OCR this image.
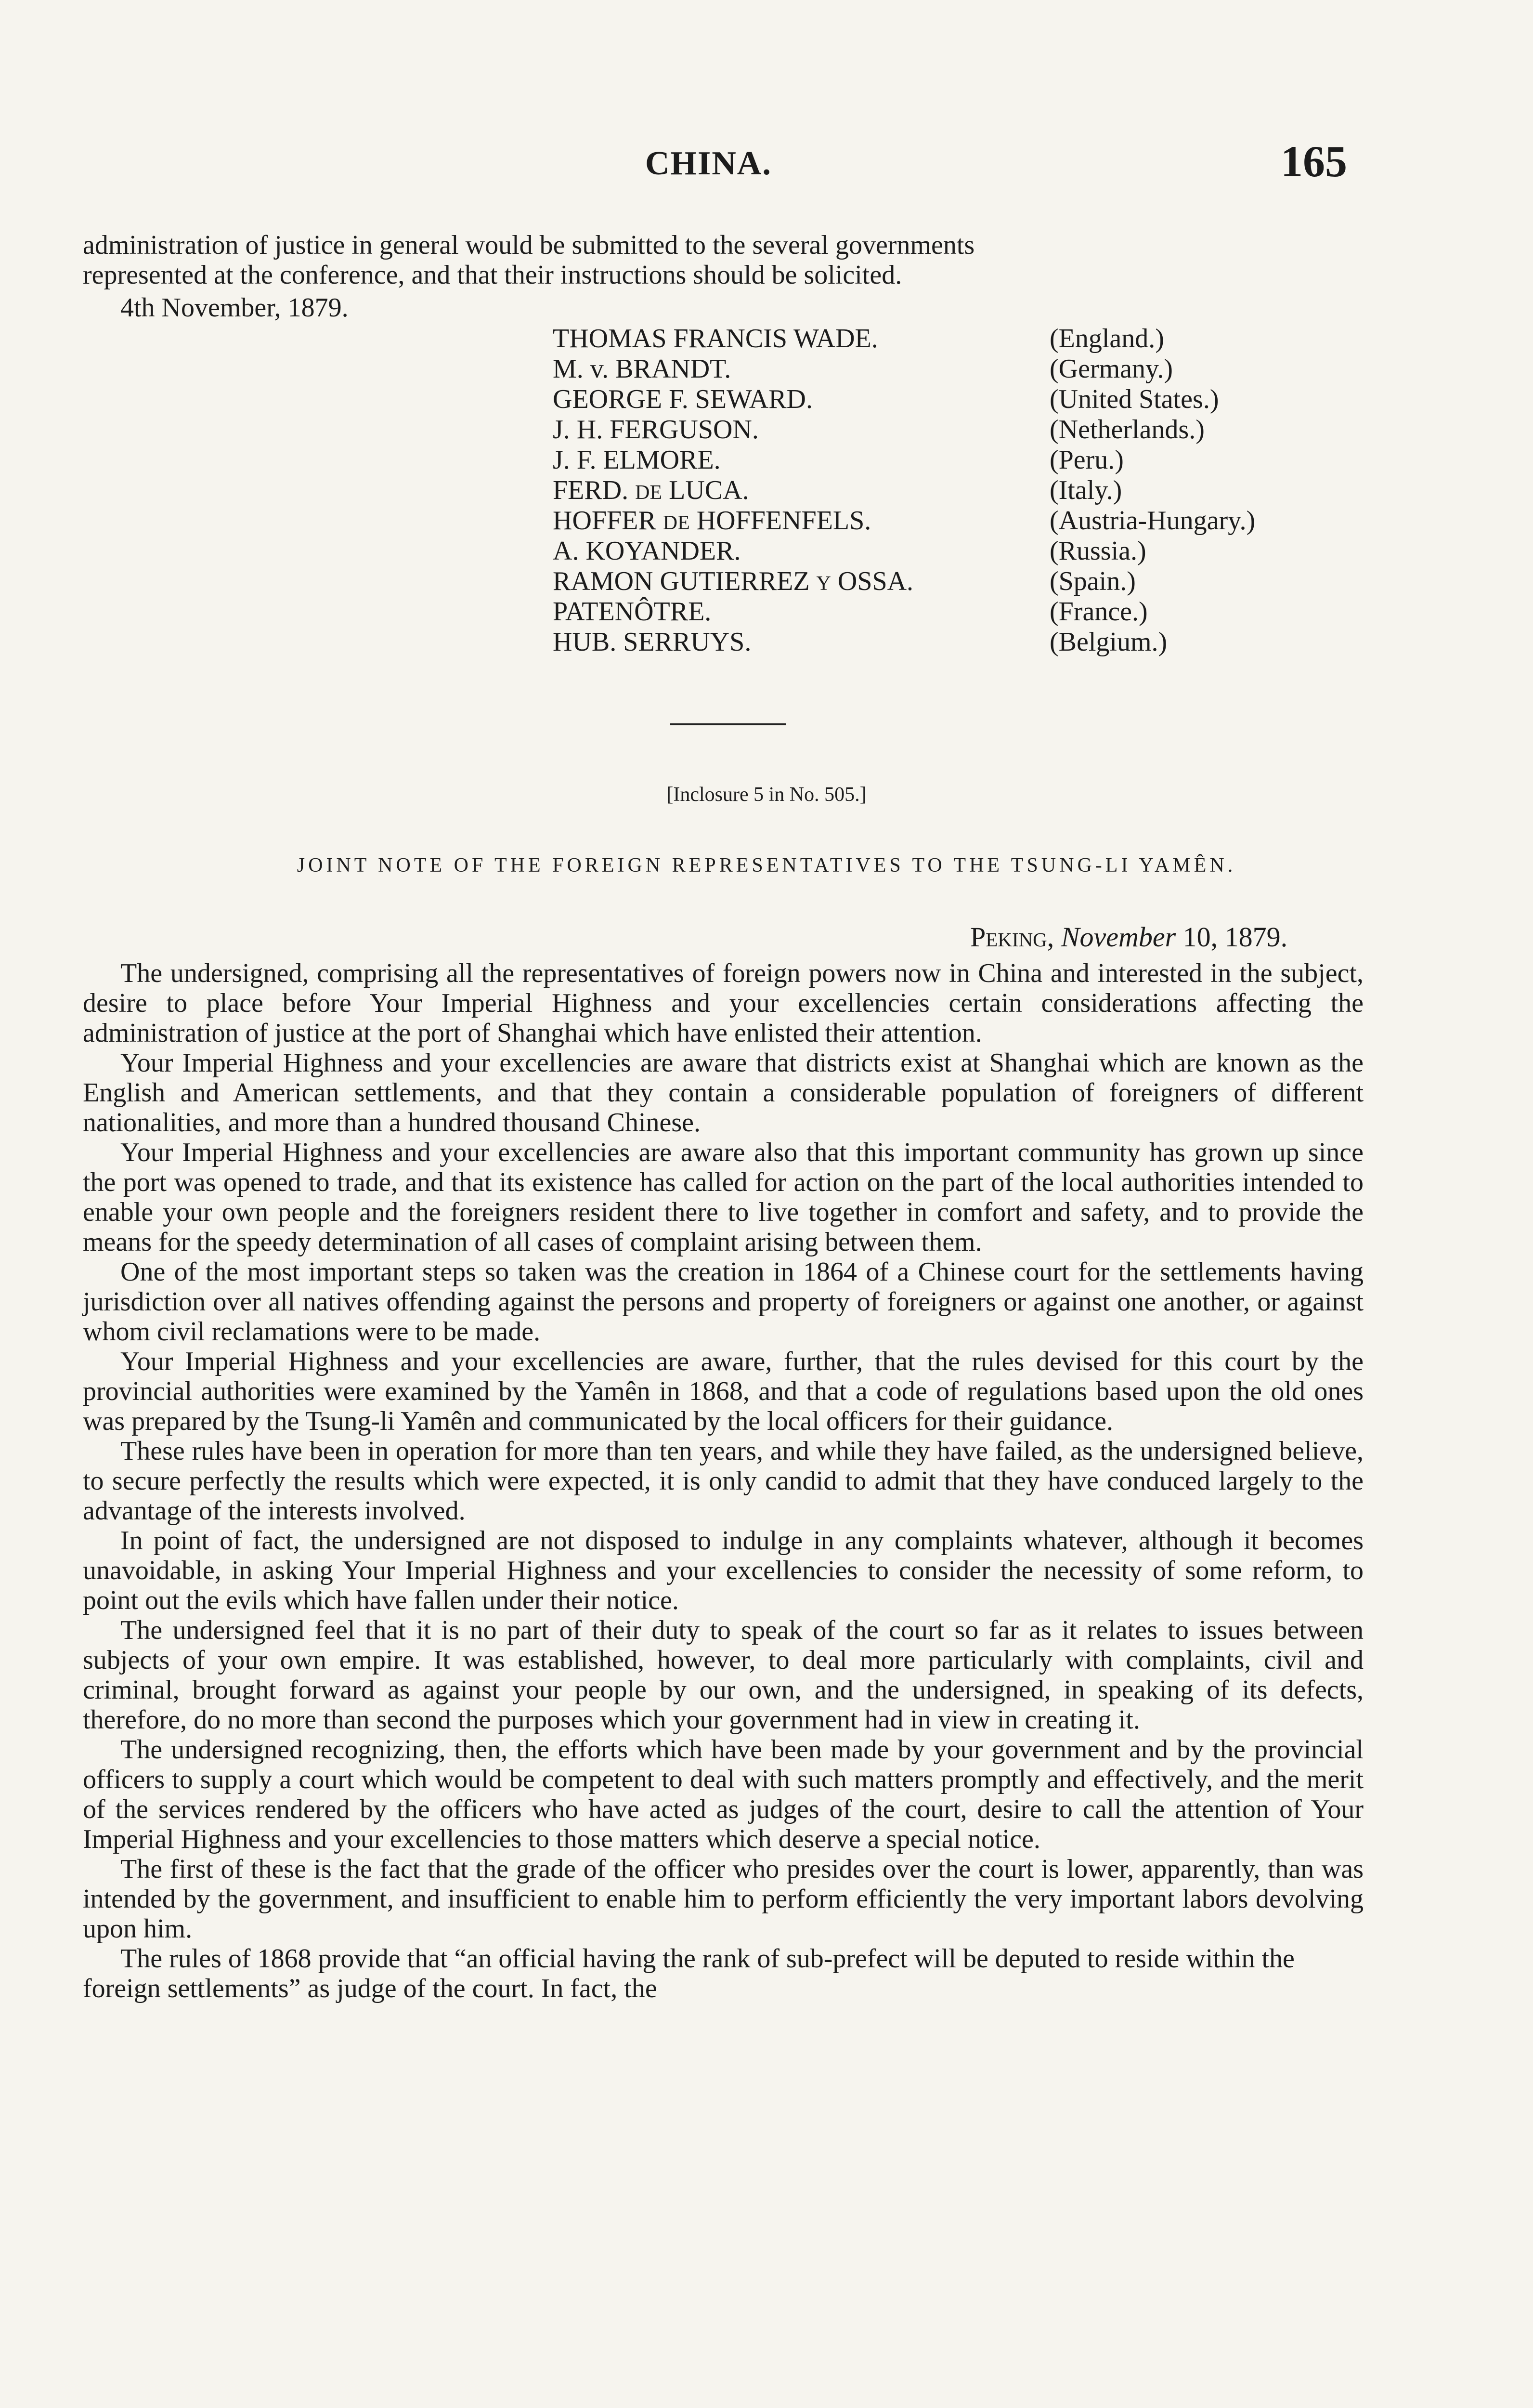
CHINA.	165
administration of justice in general would be submitted to the several governments
represented at the conference, and that their instructions should be solicited.
4th November, 1879.
THOMAS FRANCIS WADE.
M. v. BRANDT.
GEORGE F. SEWARD.
J. H. FERGUSON.
J. F. ELMORE.
FERD. DE LUCA.
HOFFER DE HOFFENFELS.
A. KOYANDER.
RAMON GUTIERREZ Y OSSA.
PATENÔTRE.
HUB. SERRUYS.
(England.)
(Germany.)
(United States.)
(Netherlands.)
(Peru.)
(Italy.)
(Austria-Hungary.)
(Russia.)
(Spain.)
(France.)
(Belgium.)
[Inclosure 5 in No. 505.]
JOINT NOTE OF THE FOREIGN REPRESENTATIVES TO THE TSUNG-LI YAMÊN.
Peking, November 10, 1879.

The undersigned, comprising all the representatives of foreign powers now in China and interested in the subject, desire to place before Your Imperial Highness and your excellencies certain considerations affecting the administration of justice at the port of Shanghai which have enlisted their attention.

Your Imperial Highness and your excellencies are aware that districts exist at Shanghai which are known as the English and American settlements, and that they contain a considerable population of foreigners of different nationalities, and more than a hundred thousand Chinese.

Your Imperial Highness and your excellencies are aware also that this important community has grown up since the port was opened to trade, and that its existence has called for action on the part of the local authorities intended to enable your own people and the foreigners resident there to live together in comfort and safety, and to provide the means for the speedy determination of all cases of complaint arising between them.

One of the most important steps so taken was the creation in 1864 of a Chinese court for the settlements having jurisdiction over all natives offending against the persons and property of foreigners or against one another, or against whom civil reclamations were to be made.

Your Imperial Highness and your excellencies are aware, further, that the rules devised for this court by the provincial authorities were examined by the Yamên in 1868, and that a code of regulations based upon the old ones was prepared by the Tsung-li Yamên and communicated by the local officers for their guidance.

These rules have been in operation for more than ten years, and while they have failed, as the undersigned believe, to secure perfectly the results which were expected, it is only candid to admit that they have conduced largely to the advantage of the interests involved.

In point of fact, the undersigned are not disposed to indulge in any complaints whatever, although it becomes unavoidable, in asking Your Imperial Highness and your excellencies to consider the necessity of some reform, to point out the evils which have fallen under their notice.

The undersigned feel that it is no part of their duty to speak of the court so far as it relates to issues between subjects of your own empire. It was established, however, to deal more particularly with complaints, civil and criminal, brought forward as against your people by our own, and the undersigned, in speaking of its defects, therefore, do no more than second the purposes which your government had in view in creating it.

The undersigned recognizing, then, the efforts which have been made by your government and by the provincial officers to supply a court which would be competent to deal with such matters promptly and effectively, and the merit of the services rendered by the officers who have acted as judges of the court, desire to call the attention of Your Imperial Highness and your excellencies to those matters which deserve a special notice.

The first of these is the fact that the grade of the officer who presides over the court is lower, apparently, than was intended by the government, and insufficient to enable him to perform efficiently the very important labors devolving upon him.

The rules of 1868 provide that “an official having the rank of sub-prefect will be deputed to reside within the foreign settlements” as judge of the court. In fact, the
